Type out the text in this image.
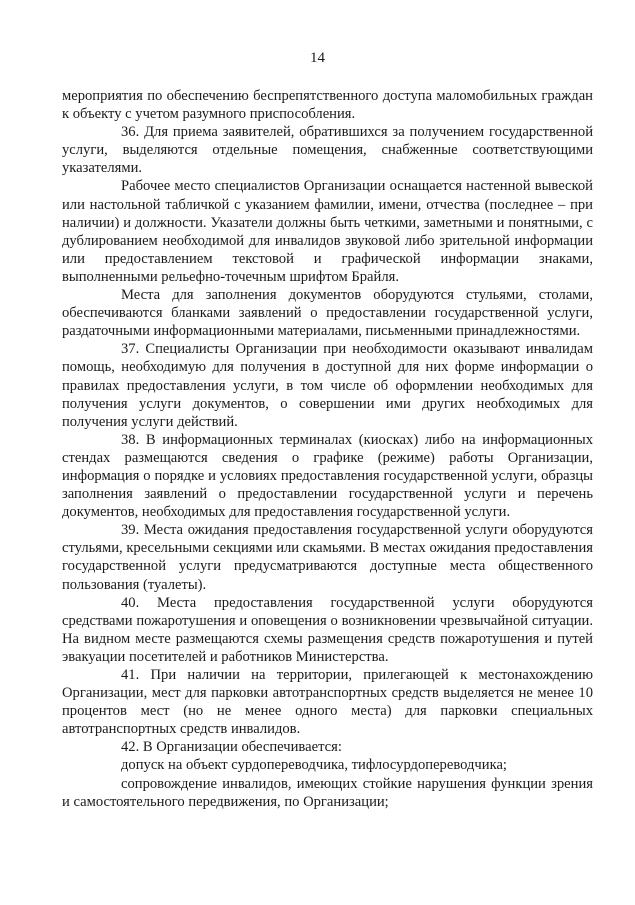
14

мероприятия по обеспечению беспрепятственного доступа маломобильных граждан к объекту с учетом разумного приспособления.

36. Для приема заявителей, обратившихся за получением государственной услуги, выделяются отдельные помещения, снабженные соответствующими указателями.

Рабочее место специалистов Организации оснащается настенной вывеской или настольной табличкой с указанием фамилии, имени, отчества (последнее – при наличии) и должности. Указатели должны быть четкими, заметными и понятными, с дублированием необходимой для инвалидов звуковой либо зрительной информации или предоставлением текстовой и графической информации знаками, выполненными рельефно-точечным шрифтом Брайля.

Места для заполнения документов оборудуются стульями, столами, обеспечиваются бланками заявлений о предоставлении государственной услуги, раздаточными информационными материалами, письменными принадлежностями.

37. Специалисты Организации при необходимости оказывают инвалидам помощь, необходимую для получения в доступной для них форме информации о правилах предоставления услуги, в том числе об оформлении необходимых для получения услуги документов, о совершении ими других необходимых для получения услуги действий.

38. В информационных терминалах (киосках) либо на информационных стендах размещаются сведения о графике (режиме) работы Организации, информация о порядке и условиях предоставления государственной услуги, образцы заполнения заявлений о предоставлении государственной услуги и перечень документов, необходимых для предоставления государственной услуги.

39. Места ожидания предоставления государственной услуги оборудуются стульями, кресельными секциями или скамьями. В местах ожидания предоставления государственной услуги предусматриваются доступные места общественного пользования (туалеты).

40. Места предоставления государственной услуги оборудуются средствами пожаротушения и оповещения о возникновении чрезвычайной ситуации. На видном месте размещаются схемы размещения средств пожаротушения и путей эвакуации посетителей и работников Министерства.

41. При наличии на территории, прилегающей к местонахождению Организации, мест для парковки автотранспортных средств выделяется не менее 10 процентов мест (но не менее одного места) для парковки специальных автотранспортных средств инвалидов.

42. В Организации обеспечивается:

допуск на объект сурдопереводчика, тифлосурдопереводчика;

сопровождение инвалидов, имеющих стойкие нарушения функции зрения и самостоятельного передвижения, по Организации;
